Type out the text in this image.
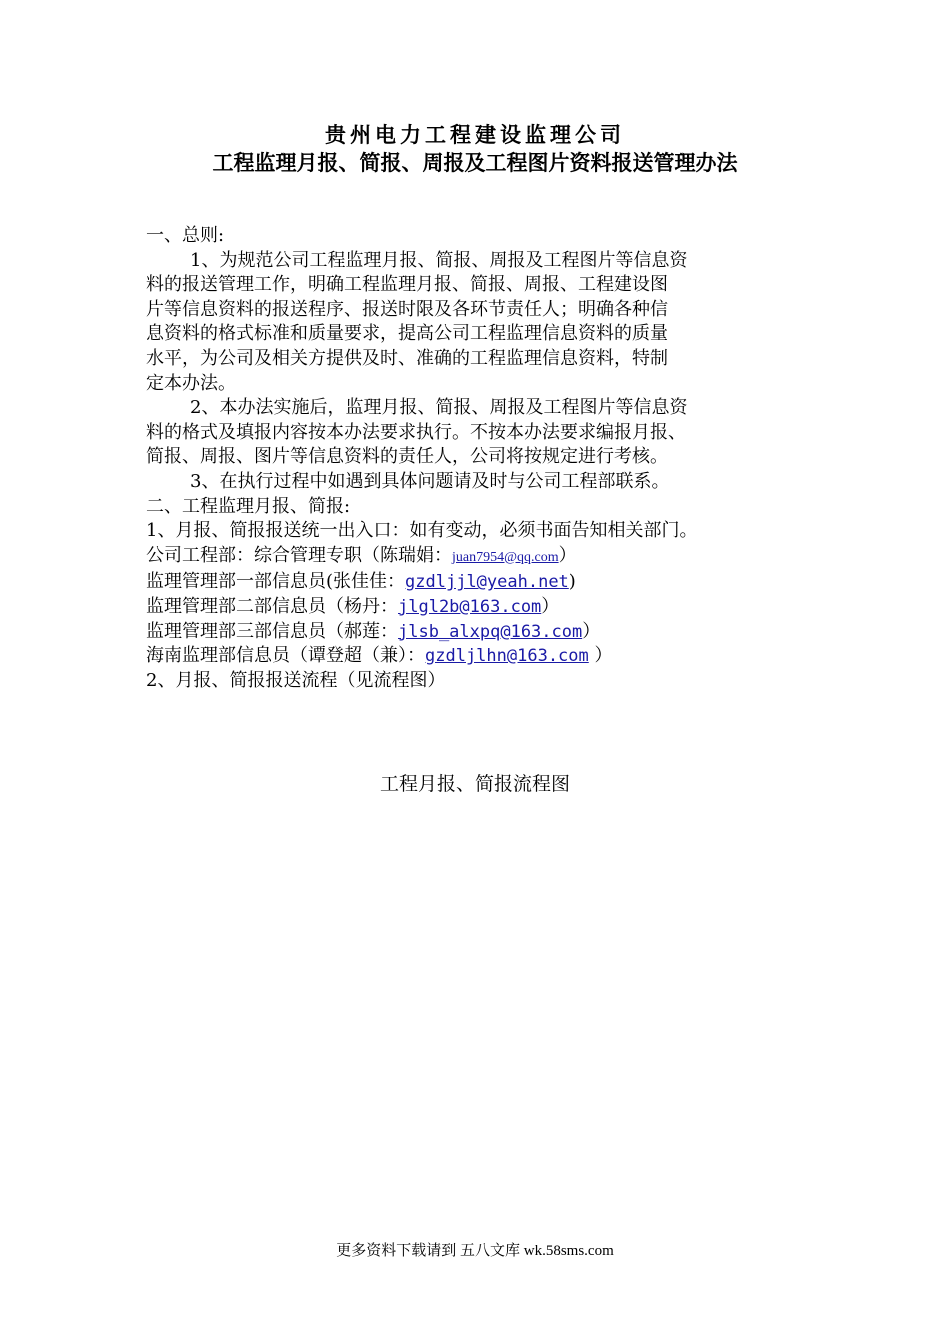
贵州电力工程建设监理公司
工程监理月报、简报、周报及工程图片资料报送管理办法
一、总则:
1、为规范公司工程监理月报、简报、周报及工程图片等信息资
料的报送管理工作，明确工程监理月报、简报、周报、工程建设图
片等信息资料的报送程序、报送时限及各环节责任人；明确各种信
息资料的格式标准和质量要求，提高公司工程监理信息资料的质量
水平，为公司及相关方提供及时、准确的工程监理信息资料，特制
定本办法。
2、本办法实施后，监理月报、简报、周报及工程图片等信息资
料的格式及填报内容按本办法要求执行。不按本办法要求编报月报、
简报、周报、图片等信息资料的责任人，公司将按规定进行考核。
3、在执行过程中如遇到具体问题请及时与公司工程部联系。
二、工程监理月报、简报:
1、月报、简报报送统一出入口：如有变动，必须书面告知相关部门。
公司工程部：综合管理专职（陈瑞娟：juan7954@qq.com）
监理管理部一部信息员(张佳佳：gzdljjl@yeah.net)
监理管理部二部信息员（杨丹：jlgl2b@163.com）
监理管理部三部信息员（郝莲：jlsb_alxpq@163.com）
海南监理部信息员（谭登超（兼）：gzdljlhn@163.com ）
2、月报、简报报送流程（见流程图）
工程月报、简报流程图
更多资料下载请到 五八文库 wk.58sms.com
